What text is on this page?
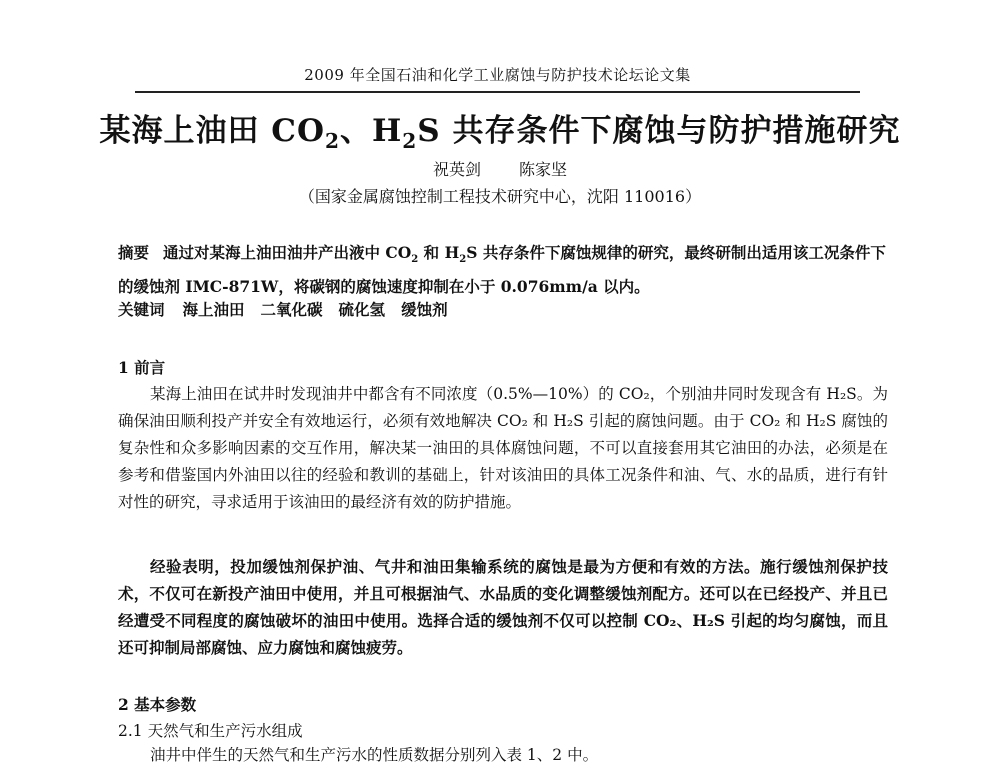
2009 年全国石油和化学工业腐蚀与防护技术论坛论文集
某海上油田 $CO_2$、$H_2S$ 共存条件下腐蚀与防护措施研究
祝英剑 陈家坚
（国家金属腐蚀控制工程技术研究中心，沈阳 110016）
摘要 通过对某海上油田油井产出液中 $CO_2$ 和 $H_2S$ 共存条件下腐蚀规律的研究，最终研制出适用该工况条件下的缓蚀剂 IMC-871W，将碳钢的腐蚀速度抑制在小于 0.076mm/a 以内。
关键词 海上油田 二氧化碳 硫化氢 缓蚀剂
1 前言
某海上油田在试井时发现油井中都含有不同浓度（0.5%—10%）的 CO₂，个别油井同时发现含有 H₂S。为确保油田顺利投产并安全有效地运行，必须有效地解决 CO₂ 和 H₂S 引起的腐蚀问题。由于 CO₂ 和 H₂S 腐蚀的复杂性和众多影响因素的交互作用，解决某一油田的具体腐蚀问题，不可以直接套用其它油田的办法，必须是在参考和借鉴国内外油田以往的经验和教训的基础上，针对该油田的具体工况条件和油、气、水的品质，进行有针对性的研究，寻求适用于该油田的最经济有效的防护措施。
经验表明，投加缓蚀剂保护油、气井和油田集输系统的腐蚀是最为方便和有效的方法。施行缓蚀剂保护技术，不仅可在新投产油田中使用，并且可根据油气、水品质的变化调整缓蚀剂配方。还可以在已经投产、并且已经遭受不同程度的腐蚀破坏的油田中使用。选择合适的缓蚀剂不仅可以控制 CO₂、H₂S 引起的均匀腐蚀，而且还可抑制局部腐蚀、应力腐蚀和腐蚀疲劳。
2 基本参数
2.1 天然气和生产污水组成
油井中伴生的天然气和生产污水的性质数据分别列入表 1、2 中。
